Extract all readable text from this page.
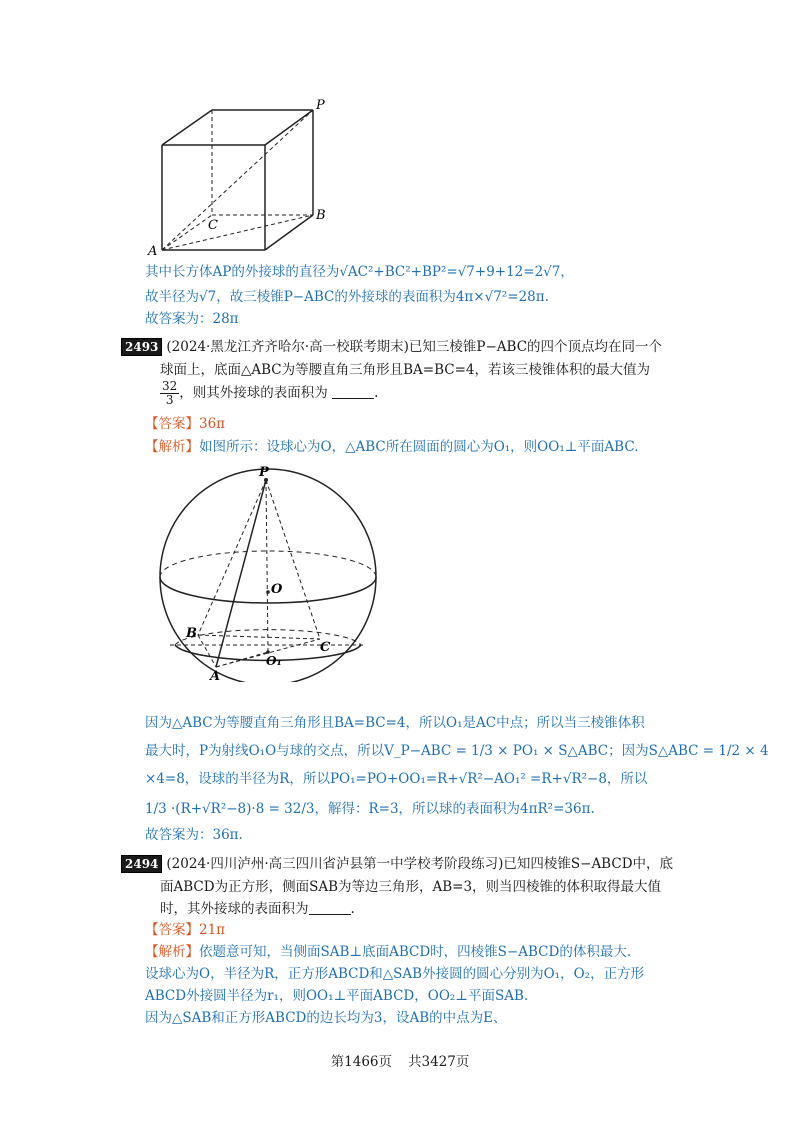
P
B
C
A
其中长方体AP的外接球的直径为√AC²+BC²+BP²=√7+9+12=2√7，
故半径为√7，故三棱锥P−ABC的外接球的表面积为4π×√7²=28π.
故答案为：28π
2493 (2024·黑龙江齐齐哈尔·高一校联考期末)已知三棱锥P−ABC的四个顶点均在同一个
球面上，底面△ABC为等腰直角三角形且BA=BC=4，若该三棱锥体积的最大值为
$\frac{32}{3}$ ，则其外接球的表面积为	.
【答案】36π
【解析】如图所示：设球心为O，△ABC所在圆面的圆心为O₁，则OO₁⊥平面ABC.
P
O
B
C
O₁
A
因为△ABC为等腰直角三角形且BA=BC=4，所以O₁是AC中点；所以当三棱锥体积
最大时，P为射线O₁O与球的交点，所以V_P−ABC = 1/3 × PO₁ × S△ABC；因为S△ABC = 1/2 × 4
×4=8，设球的半径为R，所以PO₁=PO+OO₁=R+√R²−AO₁² =R+√R²−8，所以
1/3 ·(R+√R²−8)·8 = 32/3，解得：R=3，所以球的表面积为4πR²=36π.
故答案为：36π.
2494 (2024·四川泸州·高三四川省泸县第一中学校考阶段练习)已知四棱锥S−ABCD中，底
面ABCD为正方形，侧面SAB为等边三角形，AB=3，则当四棱锥的体积取得最大值
时，其外接球的表面积为	.
【答案】21π
【解析】依题意可知，当侧面SAB⊥底面ABCD时，四棱锥S−ABCD的体积最大.
设球心为O，半径为R，正方形ABCD和△SAB外接圆的圆心分别为O₁，O₂，正方形
ABCD外接圆半径为r₁，则OO₁⊥平面ABCD，OO₂⊥平面SAB.
因为△SAB和正方形ABCD的边长均为3，设AB的中点为E、
第1466页 共3427页
